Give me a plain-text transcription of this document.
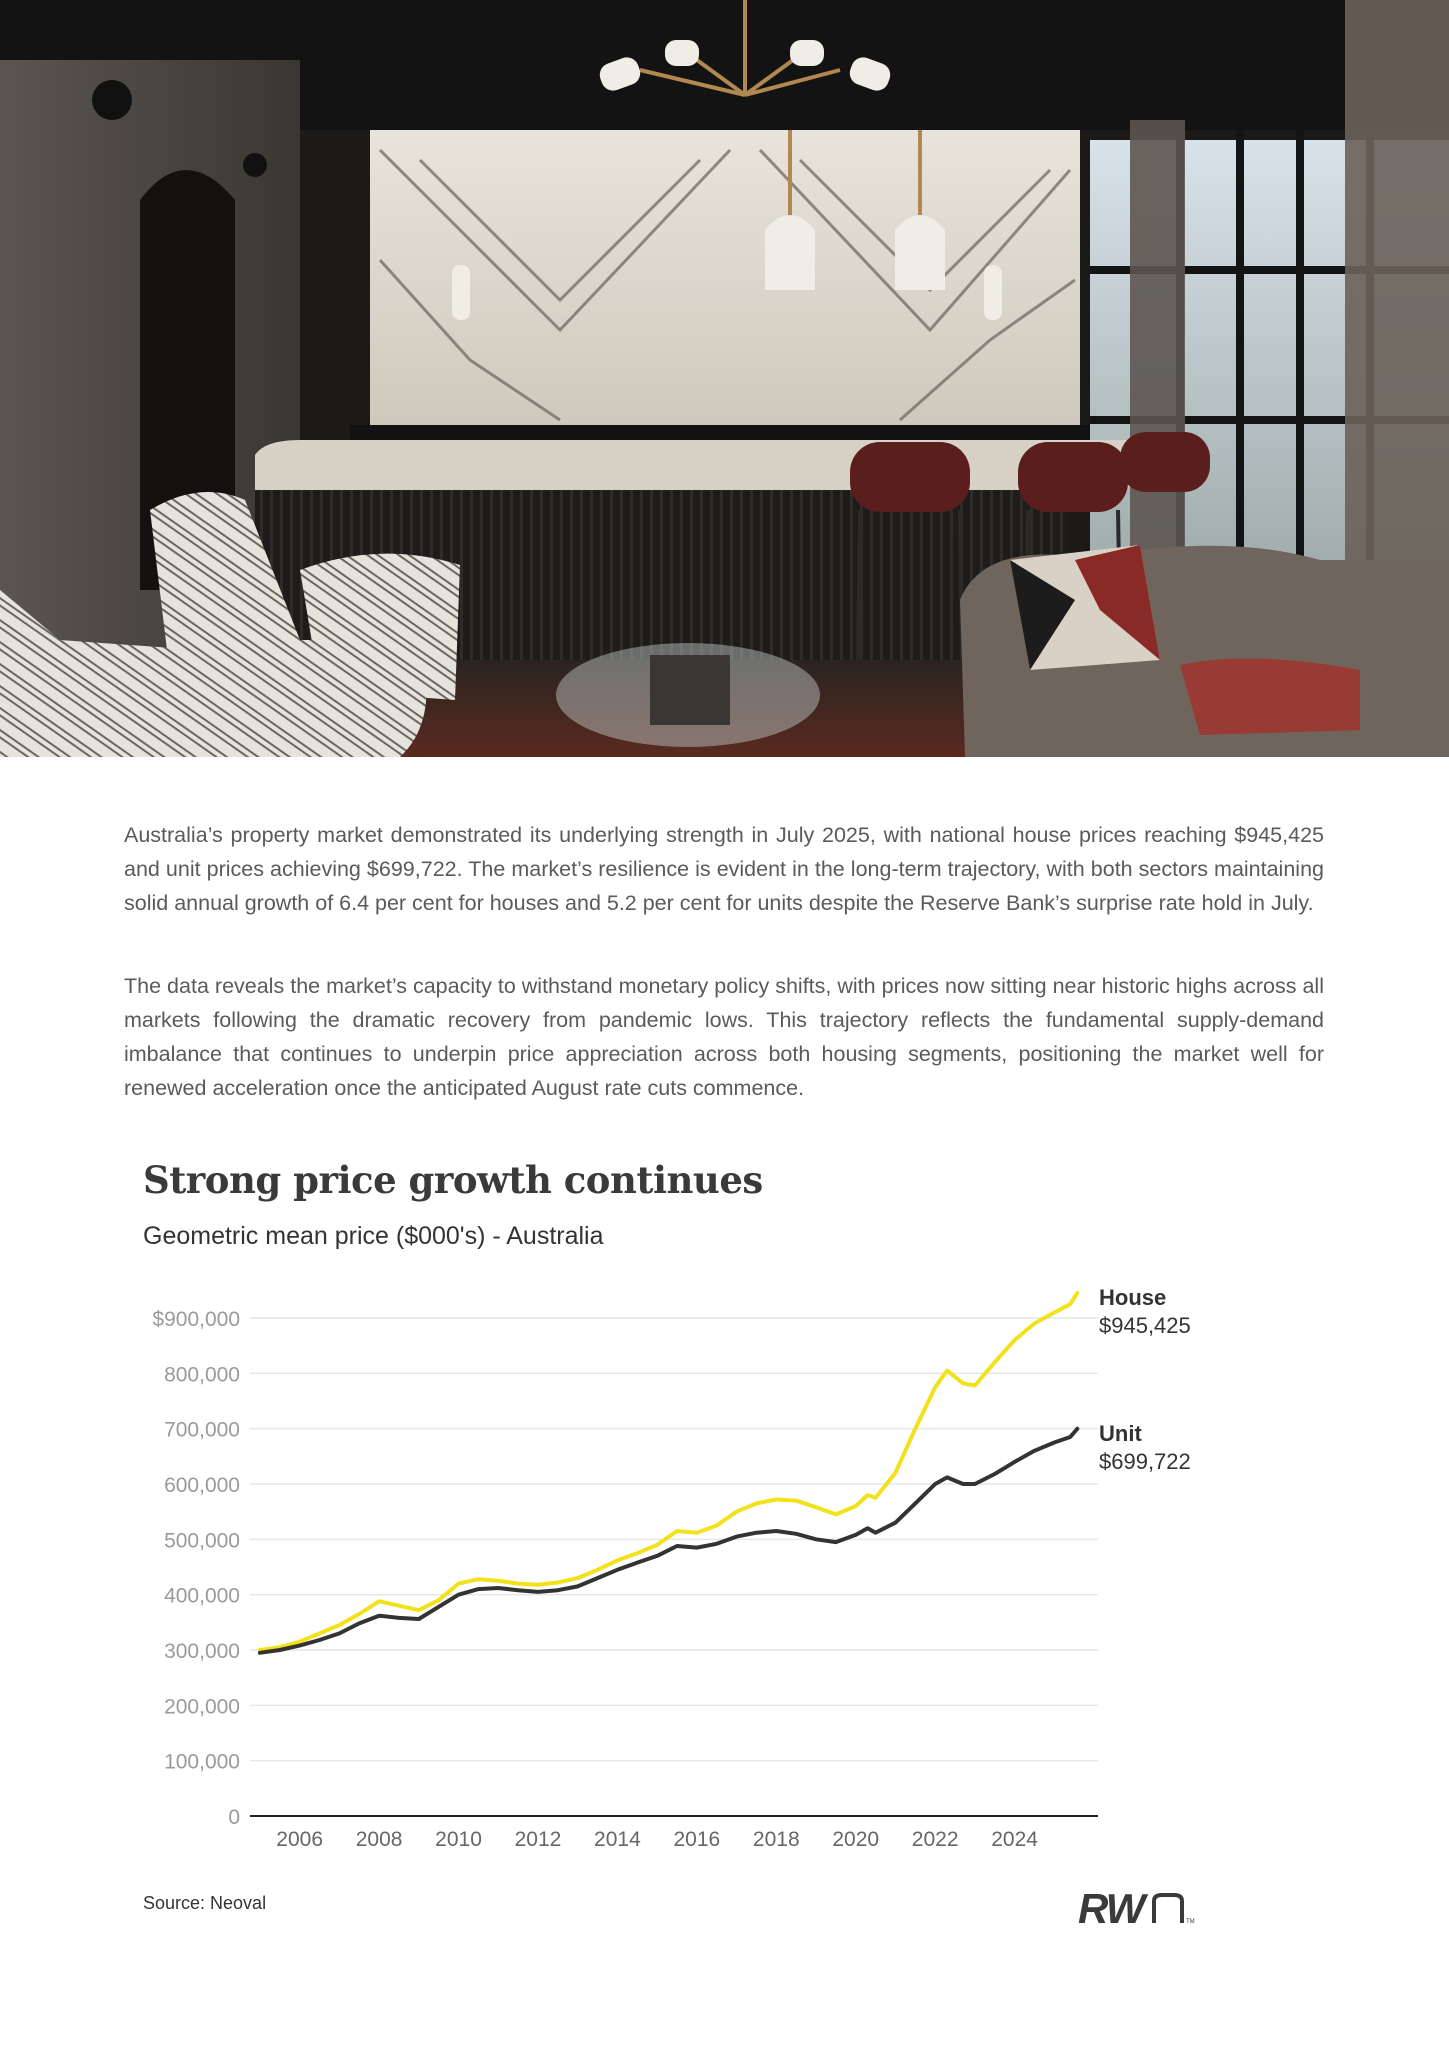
Australia’s property market demonstrated its underlying strength in July 2025, with national house prices reaching $945,425 and unit prices achieving $699,722. The market’s resilience is evident in the long-term trajectory, with both sectors maintaining solid annual growth of 6.4 per cent for houses and 5.2 per cent for units despite the Reserve Bank’s surprise rate hold in July.

The data reveals the market’s capacity to withstand monetary policy shifts, with prices now sitting near historic highs across all markets following the dramatic recovery from pandemic lows. This trajectory reflects the fundamental supply-demand imbalance that continues to underpin price appreciation across both housing segments, positioning the market well for renewed acceleration once the anticipated August rate cuts commence.

Strong price growth continues
Geometric mean price ($000's) - Australia
0
100,000
200,000
300,000
400,000
500,000
600,000
700,000
800,000
$900,000
2006 2008 2010 2012 2014 2016 2018 2020 2022 2024
House
$945,425
Unit
$699,722
Source: Neoval	RW	TM
